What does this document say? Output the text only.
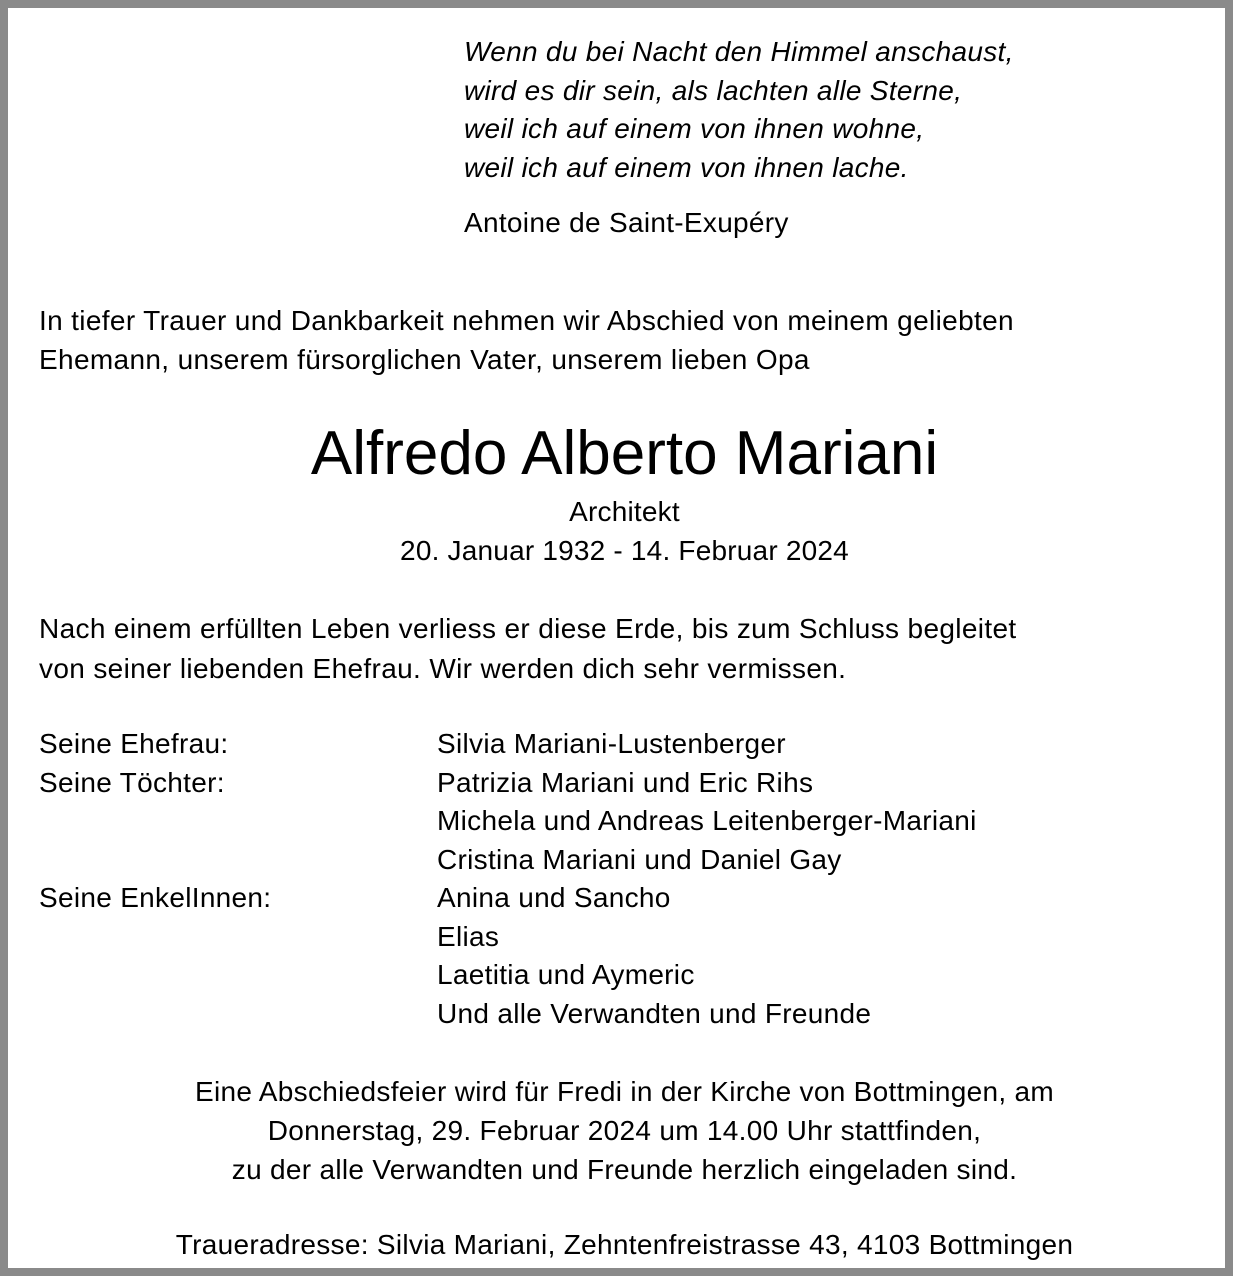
Wenn du bei Nacht den Himmel anschaust,
wird es dir sein, als lachten alle Sterne,
weil ich auf einem von ihnen wohne,
weil ich auf einem von ihnen lache.
Antoine de Saint-Exupéry
In tiefer Trauer und Dankbarkeit nehmen wir Abschied von meinem geliebten
Ehemann, unserem fürsorglichen Vater, unserem lieben Opa
Alfredo Alberto Mariani
Architekt
20. Januar 1932 - 14. Februar 2024
Nach einem erfüllten Leben verliess er diese Erde, bis zum Schluss begleitet
von seiner liebenden Ehefrau. Wir werden dich sehr vermissen.
Seine Ehefrau:	Silvia Mariani-Lustenberger
Seine Töchter:	Patrizia Mariani und Eric Rihs
Michela und Andreas Leitenberger-Mariani
Cristina Mariani und Daniel Gay
Seine EnkelInnen:	Anina und Sancho
Elias
Laetitia und Aymeric
Und alle Verwandten und Freunde
Eine Abschiedsfeier wird für Fredi in der Kirche von Bottmingen, am
Donnerstag, 29. Februar 2024 um 14.00 Uhr stattfinden,
zu der alle Verwandten und Freunde herzlich eingeladen sind.
Traueradresse: Silvia Mariani, Zehntenfreistrasse 43, 4103 Bottmingen
